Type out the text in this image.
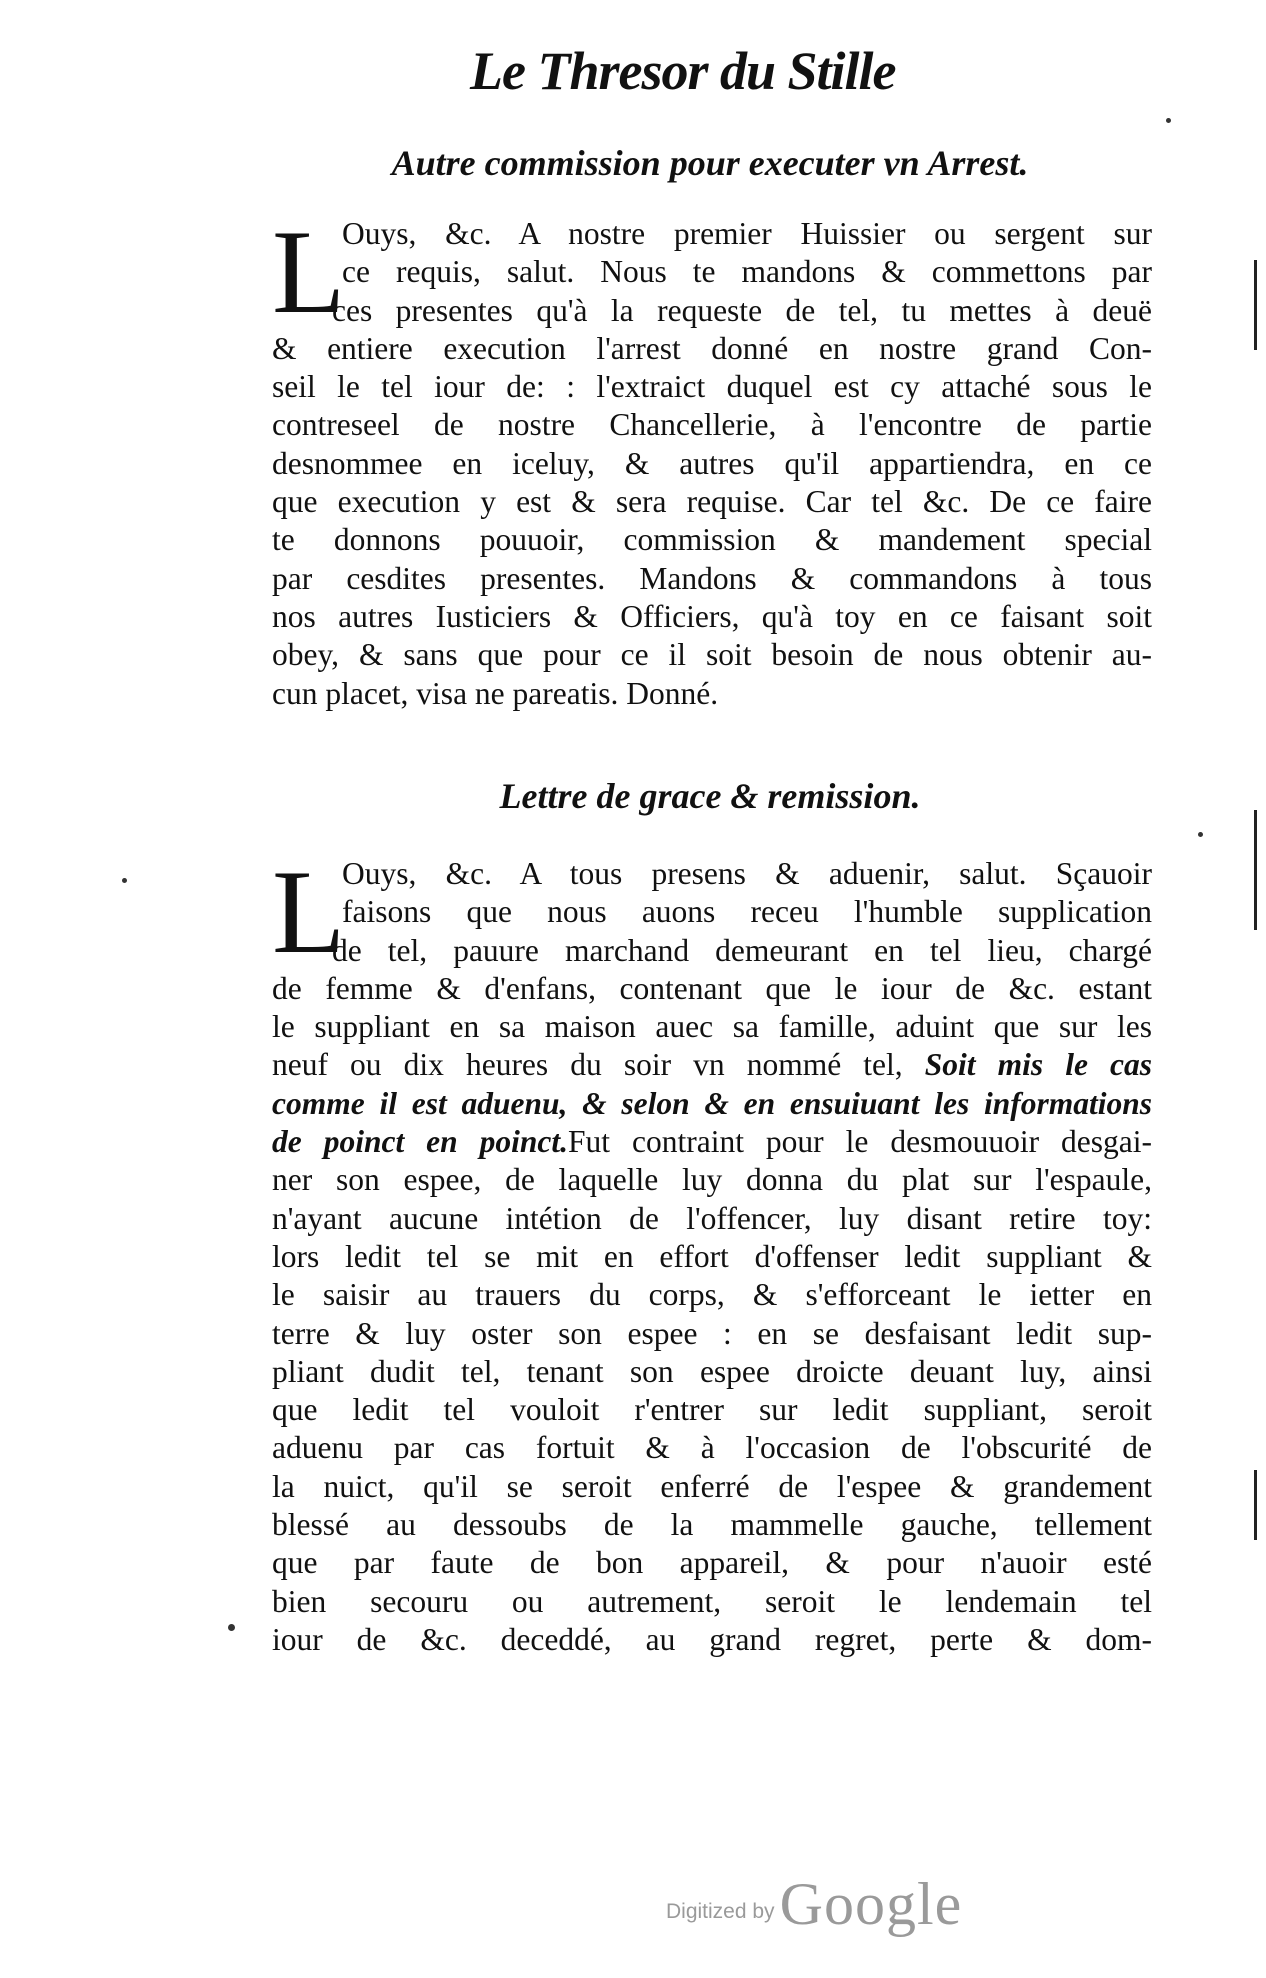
Le Thresor du Stille
Autre commission pour executer vn Arrest.
L
Ouys, &c. A nostre premier Huissier ou sergent sur
ce requis, salut. Nous te mandons & commettons par
ces presentes qu'à la requeste de tel, tu mettes à deuë
& entiere execution l'arrest donné en nostre grand Con-
seil le tel iour de: : l'extraict duquel est cy attaché sous le
contreseel de nostre Chancellerie, à l'encontre de partie
desnommee en iceluy, & autres qu'il appartiendra, en ce
que execution y est & sera requise. Car tel &c. De ce faire
te donnons pouuoir, commission & mandement special
par cesdites presentes. Mandons & commandons à tous
nos autres Iusticiers & Officiers, qu'à toy en ce faisant soit
obey, & sans que pour ce il soit besoin de nous obtenir au-
cun placet, visa ne pareatis. Donné.
Lettre de grace & remission.
L
Ouys, &c. A tous presens & aduenir, salut. Sçauoir
faisons que nous auons receu l'humble supplication
de tel, pauure marchand demeurant en tel lieu, chargé
de femme & d'enfans, contenant que le iour de &c. estant
le suppliant en sa maison auec sa famille, aduint que sur les
neuf ou dix heures du soir vn nommé tel, Soit mis le cas
comme il est aduenu, & selon & en ensuiuant les informations
de poinct en poinct.Fut contraint pour le desmouuoir desgai-
ner son espee, de laquelle luy donna du plat sur l'espaule,
n'ayant aucune intétion de l'offencer, luy disant retire toy:
lors ledit tel se mit en effort d'offenser ledit suppliant &
le saisir au trauers du corps, & s'efforceant le ietter en
terre & luy oster son espee : en se desfaisant ledit sup-
pliant dudit tel, tenant son espee droicte deuant luy, ainsi
que ledit tel vouloit r'entrer sur ledit suppliant, seroit
aduenu par cas fortuit & à l'occasion de l'obscurité de
la nuict, qu'il se seroit enferré de l'espee & grandement
blessé au dessoubs de la mammelle gauche, tellement
que par faute de bon appareil, & pour n'auoir esté
bien secouru ou autrement, seroit le lendemain tel
iour de &c. deceddé, au grand regret, perte & dom-
Digitized by Google
